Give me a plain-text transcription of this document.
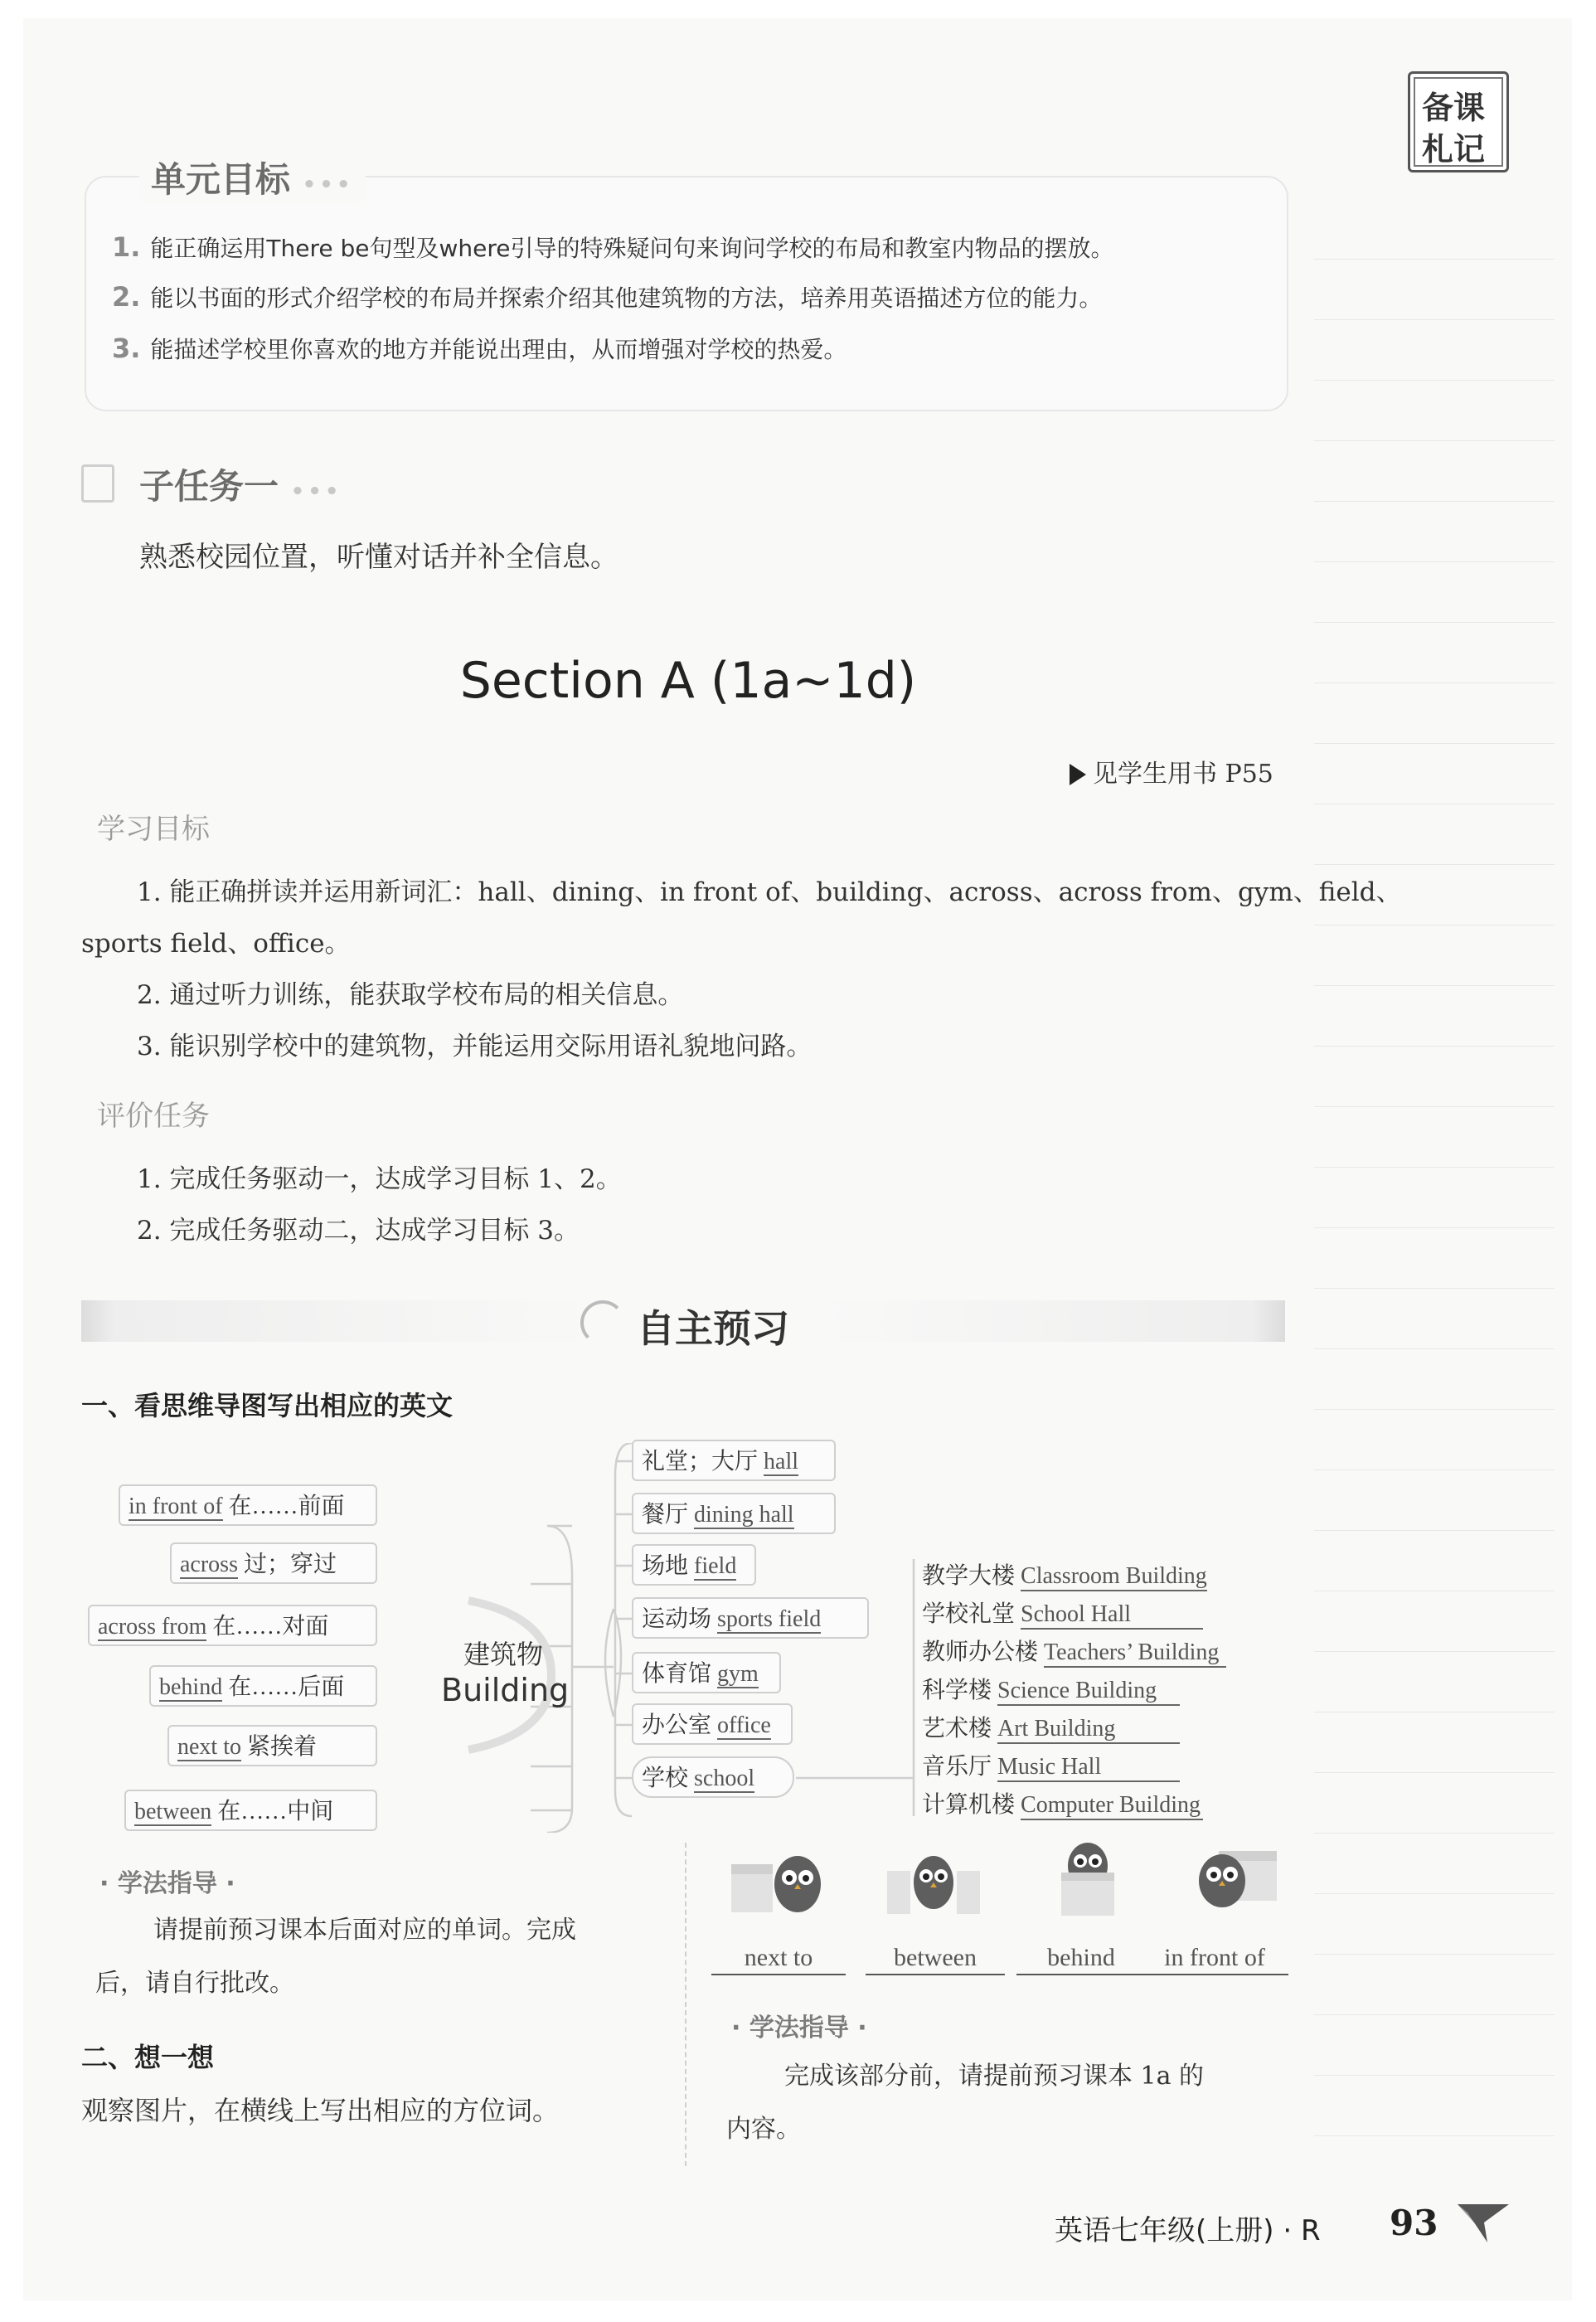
备课
札记
单元目标 •••
1. 能正确运用There be句型及where引导的特殊疑问句来询问学校的布局和教室内物品的摆放。
2. 能以书面的形式介绍学校的布局并探索介绍其他建筑物的方法，培养用英语描述方位的能力。
3. 能描述学校里你喜欢的地方并能说出理由，从而增强对学校的热爱。
子任务一 •••
熟悉校园位置，听懂对话并补全信息。
Section A (1a~1d)
见学生用书 P55
学习目标
1. 能正确拼读并运用新词汇：hall、dining、in front of、building、across、across from、gym、field、
sports field、office。
2. 通过听力训练，能获取学校布局的相关信息。
3. 能识别学校中的建筑物，并能运用交际用语礼貌地问路。
评价任务
1. 完成任务驱动一，达成学习目标 1、2。
2. 完成任务驱动二，达成学习目标 3。
自主预习
一、看思维导图写出相应的英文
in front of 在……前面
across 过；穿过
across from 在……对面
behind 在……后面
next to 紧挨着
between 在……中间
建筑物
Building
礼堂；大厅 hall
餐厅 dining hall
场地 field
运动场 sports field
体育馆 gym
办公室 office
学校 school
教学大楼 Classroom Building
学校礼堂 School Hall
教师办公楼 Teachers’ Building
科学楼 Science Building
艺术楼 Art Building
音乐厅 Music Hall
计算机楼 Computer Building
· 学法指导 ·
请提前预习课本后面对应的单词。完成
后，请自行批改。
二、想一想
观察图片，在横线上写出相应的方位词。
next to	between	behind	in front of
· 学法指导 ·
完成该部分前，请提前预习课本 1a 的
内容。
英语七年级(上册) · R 93
